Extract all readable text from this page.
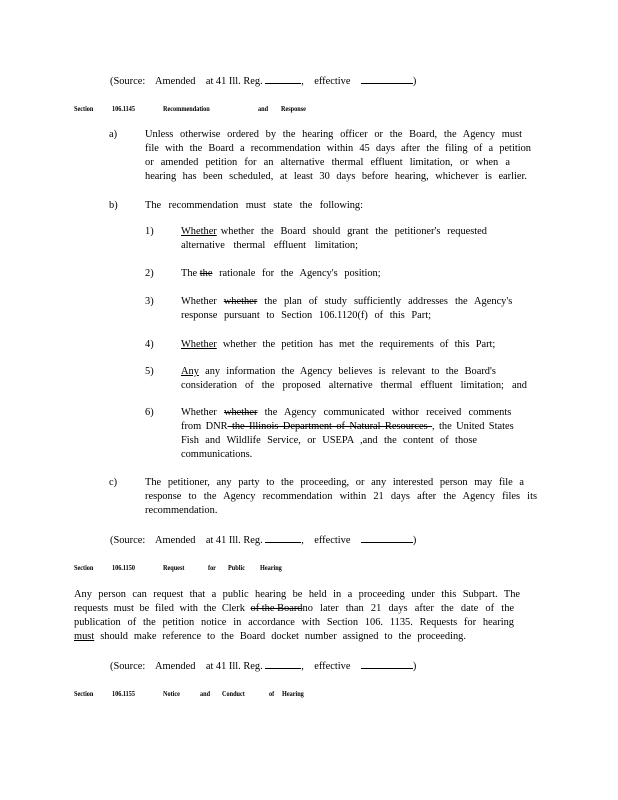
(Source: Amended at 41 Ill. Reg.	, effective	)
Section 106.1145	Recommendation	and Response
a)	Unless otherwise ordered by the hearing officer or the Board, the Agency must
file with the Board a recommendation within 45 days after the filing of a petition
or amended petition for an alternative thermal effluent limitation, or when a
hearing has been scheduled, at least 30 days before hearing, whichever is earlier.
b)	The recommendation must state the following:
1)	Whether whether the Board should grant the petitioner's requested
alternative thermal effluent limitation;
2)	The the rationale for the Agency's position;
3)	Whether whether the plan of study sufficiently addresses the Agency's
response pursuant to Section 106.1120(f) of this Part;
4)	Whether whether the petition has met the requirements of this Part;
5)	Any any information the Agency believes is relevant to the Board's
consideration of the proposed alternative thermal effluent limitation; and
6)	Whether whether the Agency communicated withor received comments
from DNR the Illinois Department of Natural Resources , the United States
Fish and Wildlife Service, or USEPA ,and the content of those
communications.
c)	The petitioner, any party to the proceeding, or any interested person may file a
response to the Agency recommendation within 21 days after the Agency files its
recommendation.
(Source: Amended at 41 Ill. Reg.	, effective	)
Section 106.1150	Request	for Public Hearing
Any person can request that a public hearing be held in a proceeding under this Subpart. The
requests must be filed with the Clerk of the Board no later than 21 days after the date of the
publication of the petition notice in accordance with Section 106. 1135. Requests for hearing
must should make reference to the Board docket number assigned to the proceeding.
(Source: Amended at 41 Ill. Reg.	, effective	)
Section 106.1155	Notice	and Conduct	of Hearing
